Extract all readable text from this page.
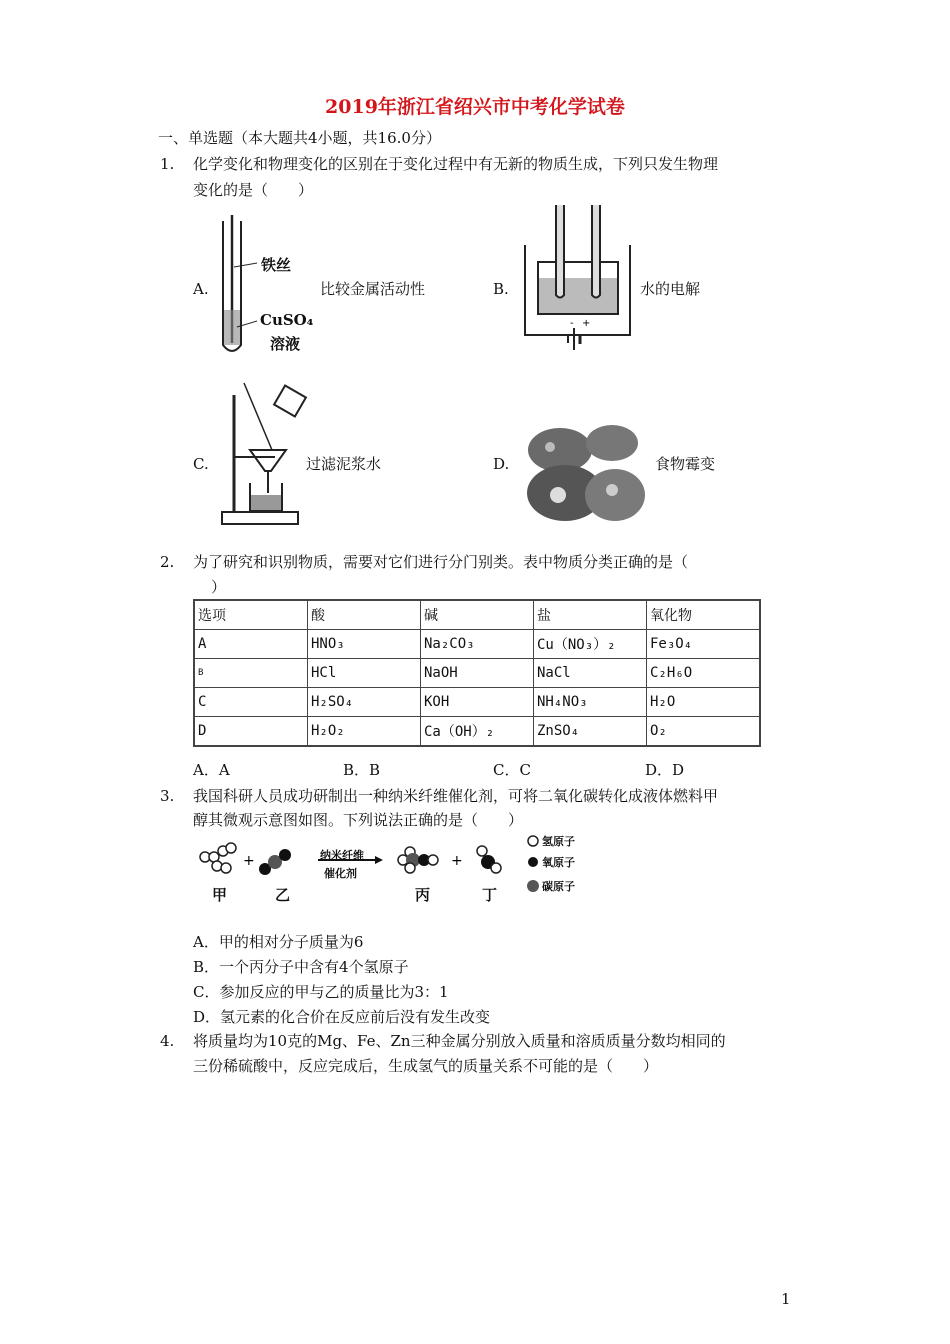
2019年浙江省绍兴市中考化学试卷
一、单选题（本大题共4小题，共16.0分）
1. 化学变化和物理变化的区别在于变化过程中有无新的物质生成，下列只发生物理
变化的是（　　）
A.
铁丝
CuSO₄
溶液
比较金属活动性	B.
- +
水的电解
C.	过滤泥浆水	D.	食物霉变
2. 为了研究和识别物质，需要对它们进行分门别类。表中物质分类正确的是（
）
选项	酸	碱	盐	氧化物
A	HNO₃	Na₂CO₃	Cu（NO₃）₂	Fe₃O₄
B	HCl	NaOH	NaCl	C₂H₆O
C	H₂SO₄	KOH	NH₄NO₃	H₂O
D	H₂O₂	Ca（OH）₂	ZnSO₄	O₂
A．A	B．B	C．C	D．D
3. 我国科研人员成功研制出一种纳米纤维催化剂，可将二氧化碳转化成液体燃料甲
醇其微观示意图如图。下列说法正确的是（　　）
+	+
纳米纤维
催化剂
甲	乙	丙	丁
氢原子
氧原子
碳原子
A．甲的相对分子质量为6
B．一个丙分子中含有4个氢原子
C．参加反应的甲与乙的质量比为3：1
D．氢元素的化合价在反应前后没有发生改变
4. 将质量均为10克的Mg、Fe、Zn三种金属分别放入质量和溶质质量分数均相同的
三份稀硫酸中，反应完成后，生成氢气的质量关系不可能的是（　　）
1
